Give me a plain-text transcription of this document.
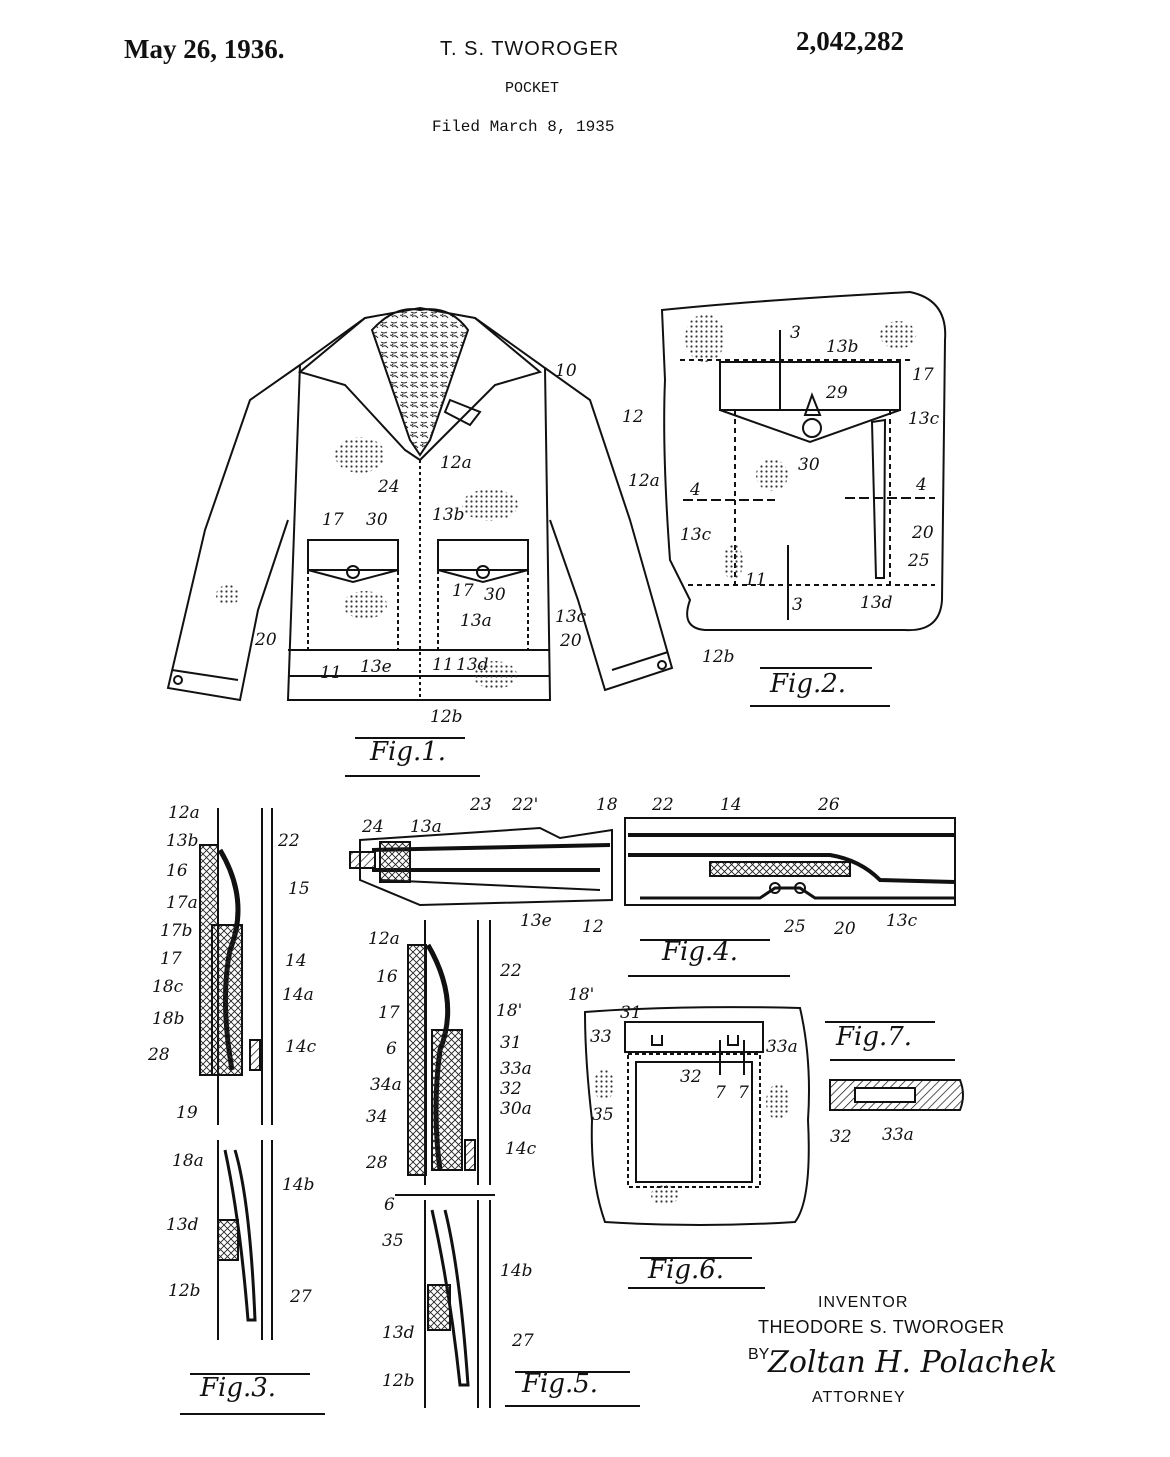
May 26, 1936.	T. S. TWOROGER	2,042,282
POCKET
Filed March 8, 1935
10
12a
24
13b
17 30
17 30
20
13a	13c
20
11 13e 11 13d
12b
Fig.1.
3
13b
17
29
12	13c
30
12a 4	4
13c	20
25
11
3	13d
12b
Fig.2.
12a
13b	22
16
15
17a
17b
14
17
18c	14a
18b
28	14c
19
18a
14b
13d
12b	27
Fig.3.
24 13a
23 22'	18 22	14	26
13e 12	25 20 13c
Fig.4.
12a
16	22
17	18'
6	31
33a
34a	32
34	30a
28
14c
6
35
14b
13d	27
12b	Fig.5.
18'
31
33	33a
32
7 7
35
Fig.6.
32 33a
Fig.7.
INVENTOR
THEODORE S. TWOROGER
BY
Zoltan H. Polachek
ATTORNEY
